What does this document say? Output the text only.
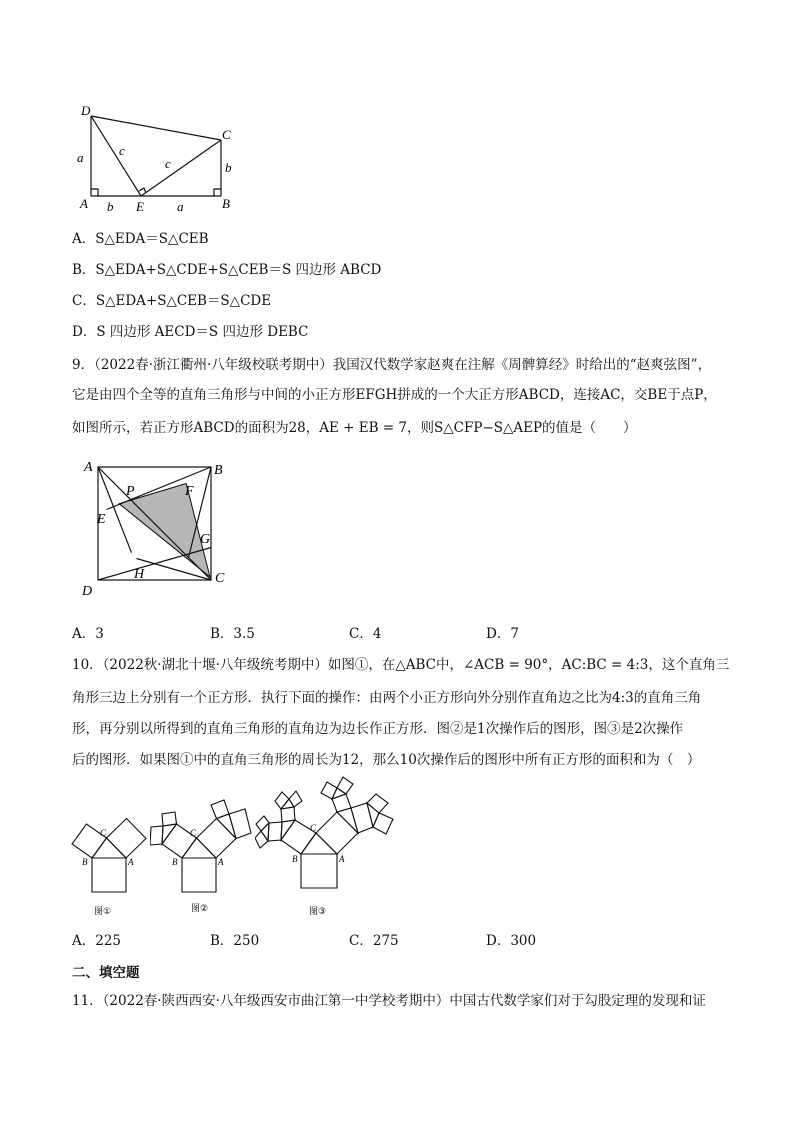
D
C
A	E	B
a	c
c	b
b	a
A．S△EDA＝S△CEB
B．S△EDA+S△CDE+S△CEB＝S 四边形 ABCD
C．S△EDA+S△CEB＝S△CDE
D．S 四边形 AECD＝S 四边形 DEBC
9．（2022春·浙江衢州·八年级校联考期中）我国汉代数学家赵爽在注解《周髀算经》时给出的“赵爽弦图”，
它是由四个全等的直角三角形与中间的小正方形EFGH拼成的一个大正方形ABCD，连接AC，交BE于点P，
如图所示，若正方形ABCD的面积为28，AE + EB = 7，则S△CFP−S△AEP的值是（　　）
A	B
C
D
E
F
G
H
P
A．3	B．3.5	C．4	D．7
10．（2022秋·湖北十堰·八年级统考期中）如图①，在△ABC中，∠ACB = 90°，AC:BC = 4:3，这个直角三
角形三边上分别有一个正方形．执行下面的操作：由两个小正方形向外分别作直角边之比为4:3的直角三角
形，再分别以所得到的直角三角形的直角边为边长作正方形．图②是1次操作后的图形，图③是2次操作
后的图形．如果图①中的直角三角形的周长为12，那么10次操作后的图形中所有正方形的面积和为（　）
C
B	A
图①
C
B	A
图②
C
B	A
图③
A．225	B．250	C．275	D．300
二、填空题
11．（2022春·陕西西安·八年级西安市曲江第一中学校考期中）中国古代数学家们对于勾股定理的发现和证
